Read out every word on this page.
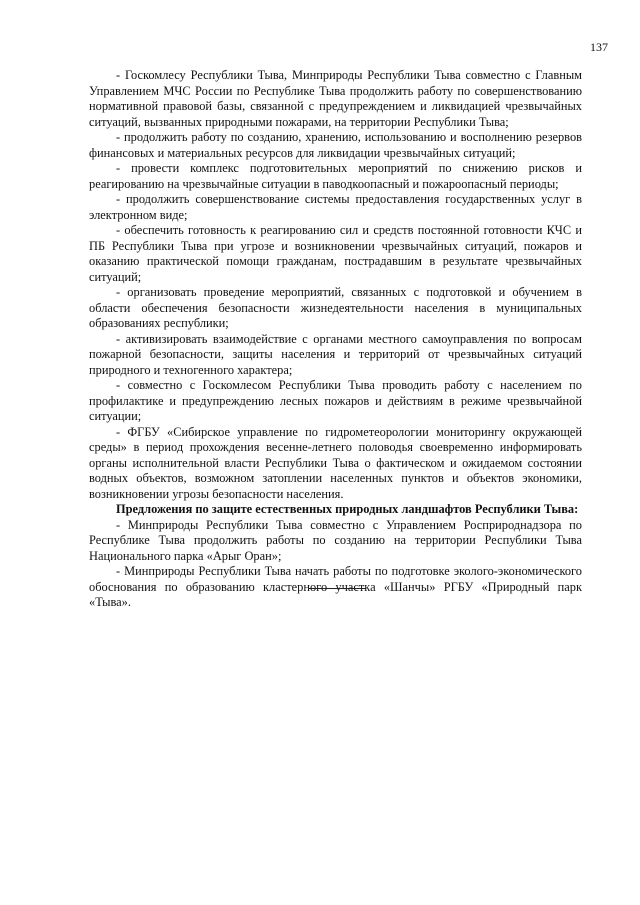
137

- Госкомлесу Республики Тыва, Минприроды Республики Тыва совместно с Главным Управлением МЧС России по Республике Тыва продолжить работу по совершенствованию нормативной правовой базы, связанной с предупреждением и ликвидацией чрезвычайных ситуаций, вызванных природными пожарами, на территории Республики Тыва;

- продолжить работу по созданию, хранению, использованию и восполнению резервов финансовых и материальных ресурсов для ликвидации чрезвычайных ситуаций;

- провести комплекс подготовительных мероприятий по снижению рисков и реагированию на чрезвычайные ситуации в паводкоопасный и пожароопасный периоды;

- продолжить совершенствование системы предоставления государственных услуг в электронном виде;

- обеспечить готовность к реагированию сил и средств постоянной готовности КЧС и ПБ Республики Тыва при угрозе и возникновении чрезвычайных ситуаций, пожаров и оказанию практической помощи гражданам, пострадавшим в результате чрезвычайных ситуаций;

- организовать проведение мероприятий, связанных с подготовкой и обучением в области обеспечения безопасности жизнедеятельности населения в муниципальных образованиях республики;

- активизировать взаимодействие с органами местного самоуправления по вопросам пожарной безопасности, защиты населения и территорий от чрезвычайных ситуаций природного и техногенного характера;

- совместно с Госкомлесом Республики Тыва проводить работу с населением по профилактике и предупреждению лесных пожаров и действиям в режиме чрезвычайной ситуации;

- ФГБУ «Сибирское управление по гидрометеорологии мониторингу окружающей среды» в период прохождения весенне-летнего половодья своевременно информировать органы исполнительной власти Республики Тыва о фактическом и ожидаемом состоянии водных объектов, возможном затоплении населенных пунктов и объектов экономики, возникновении угрозы безопасности населения.

Предложения по защите естественных природных ландшафтов Республики Тыва:

- Минприроды Республики Тыва совместно с Управлением Росприроднадзора по Республике Тыва продолжить работы по созданию на территории Республики Тыва Национального парка «Арыг Оран»;

- Минприроды Республики Тыва начать работы по подготовке эколого-экономического обоснования по образованию кластерного участка «Шанчы» РГБУ «Природный парк «Тыва».
